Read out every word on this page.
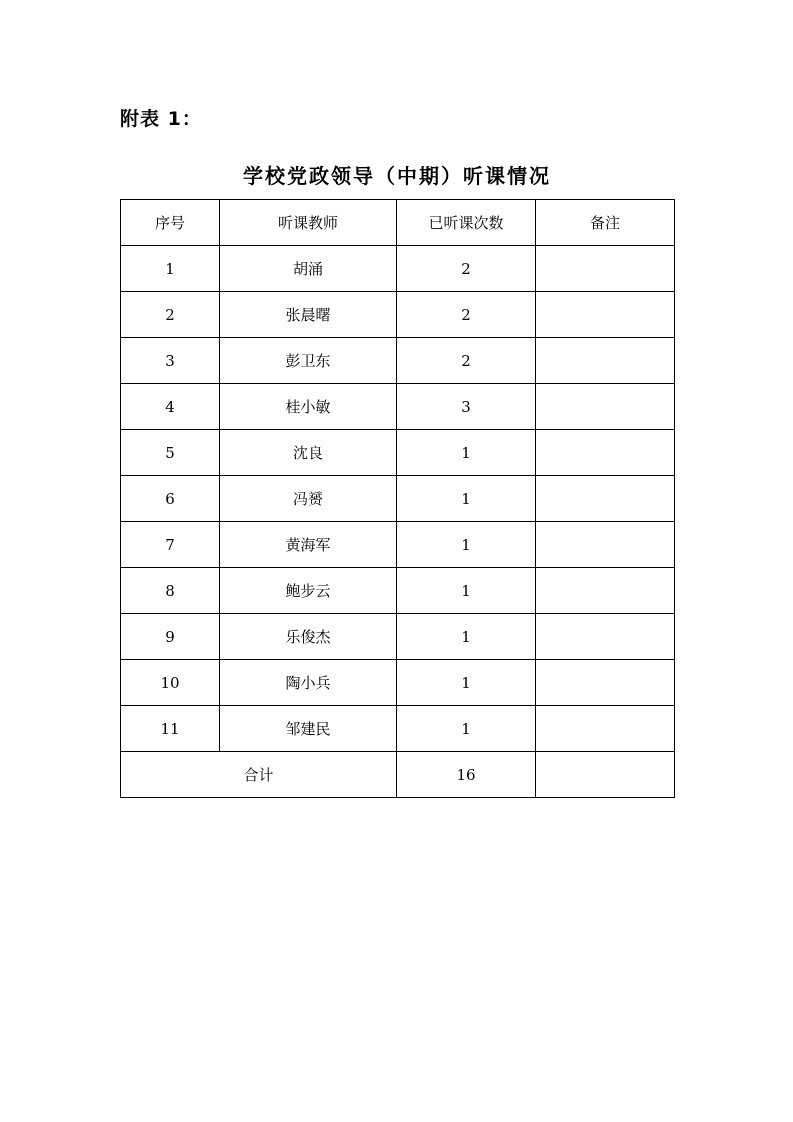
附表 1：
学校党政领导（中期）听课情况
序号	听课教师	已听课次数	备注
1	胡涌	2	
2	张晨曙	2	
3	彭卫东	2	
4	桂小敏	3	
5	沈良	1	
6	冯赟	1	
7	黄海军	1	
8	鲍步云	1	
9	乐俊杰	1	
10	陶小兵	1	
11	邹建民	1	
合计		16	
